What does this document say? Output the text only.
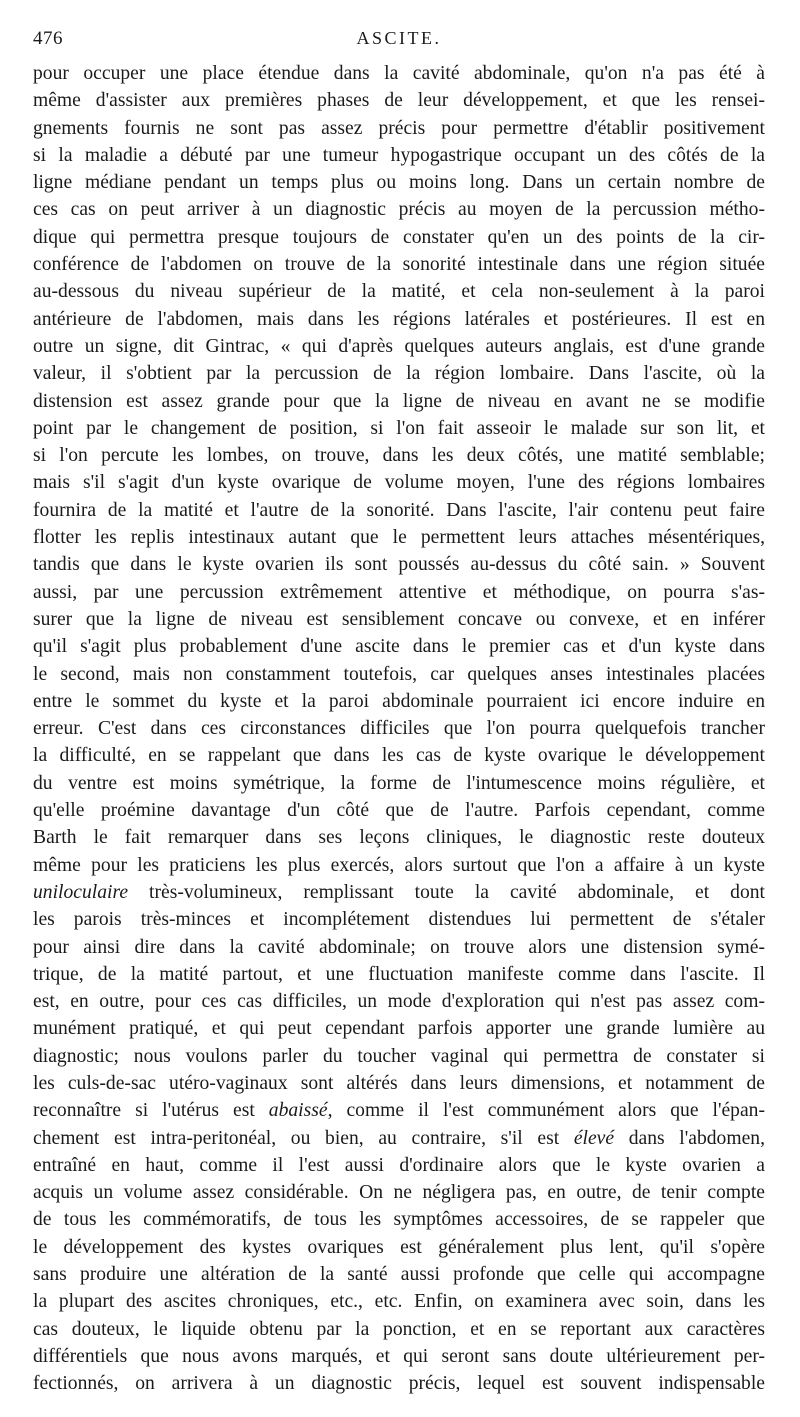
476	ASCITE.
pour occuper une place étendue dans la cavité abdominale, qu'on n'a pas été à
même d'assister aux premières phases de leur développement, et que les rensei-
gnements fournis ne sont pas assez précis pour permettre d'établir positivement
si la maladie a débuté par une tumeur hypogastrique occupant un des côtés de la
ligne médiane pendant un temps plus ou moins long. Dans un certain nombre de
ces cas on peut arriver à un diagnostic précis au moyen de la percussion métho-
dique qui permettra presque toujours de constater qu'en un des points de la cir-
conférence de l'abdomen on trouve de la sonorité intestinale dans une région située
au-dessous du niveau supérieur de la matité, et cela non-seulement à la paroi
antérieure de l'abdomen, mais dans les régions latérales et postérieures. Il est en
outre un signe, dit Gintrac, « qui d'après quelques auteurs anglais, est d'une grande
valeur, il s'obtient par la percussion de la région lombaire. Dans l'ascite, où la
distension est assez grande pour que la ligne de niveau en avant ne se modifie
point par le changement de position, si l'on fait asseoir le malade sur son lit, et
si l'on percute les lombes, on trouve, dans les deux côtés, une matité semblable;
mais s'il s'agit d'un kyste ovarique de volume moyen, l'une des régions lombaires
fournira de la matité et l'autre de la sonorité. Dans l'ascite, l'air contenu peut faire
flotter les replis intestinaux autant que le permettent leurs attaches mésentériques,
tandis que dans le kyste ovarien ils sont poussés au-dessus du côté sain. » Souvent
aussi, par une percussion extrêmement attentive et méthodique, on pourra s'as-
surer que la ligne de niveau est sensiblement concave ou convexe, et en inférer
qu'il s'agit plus probablement d'une ascite dans le premier cas et d'un kyste dans
le second, mais non constamment toutefois, car quelques anses intestinales placées
entre le sommet du kyste et la paroi abdominale pourraient ici encore induire en
erreur. C'est dans ces circonstances difficiles que l'on pourra quelquefois trancher
la difficulté, en se rappelant que dans les cas de kyste ovarique le développement
du ventre est moins symétrique, la forme de l'intumescence moins régulière, et
qu'elle proémine davantage d'un côté que de l'autre. Parfois cependant, comme
Barth le fait remarquer dans ses leçons cliniques, le diagnostic reste douteux
même pour les praticiens les plus exercés, alors surtout que l'on a affaire à un kyste
uniloculaire très-volumineux, remplissant toute la cavité abdominale, et dont
les parois très-minces et incomplétement distendues lui permettent de s'étaler
pour ainsi dire dans la cavité abdominale; on trouve alors une distension symé-
trique, de la matité partout, et une fluctuation manifeste comme dans l'ascite. Il
est, en outre, pour ces cas difficiles, un mode d'exploration qui n'est pas assez com-
munément pratiqué, et qui peut cependant parfois apporter une grande lumière au
diagnostic; nous voulons parler du toucher vaginal qui permettra de constater si
les culs-de-sac utéro-vaginaux sont altérés dans leurs dimensions, et notamment de
reconnaître si l'utérus est abaissé, comme il l'est communément alors que l'épan-
chement est intra-peritonéal, ou bien, au contraire, s'il est élevé dans l'abdomen,
entraîné en haut, comme il l'est aussi d'ordinaire alors que le kyste ovarien a
acquis un volume assez considérable. On ne négligera pas, en outre, de tenir compte
de tous les commémoratifs, de tous les symptômes accessoires, de se rappeler que
le développement des kystes ovariques est généralement plus lent, qu'il s'opère
sans produire une altération de la santé aussi profonde que celle qui accompagne
la plupart des ascites chroniques, etc., etc. Enfin, on examinera avec soin, dans les
cas douteux, le liquide obtenu par la ponction, et en se reportant aux caractères
différentiels que nous avons marqués, et qui seront sans doute ultérieurement per-
fectionnés, on arrivera à un diagnostic précis, lequel est souvent indispensable
